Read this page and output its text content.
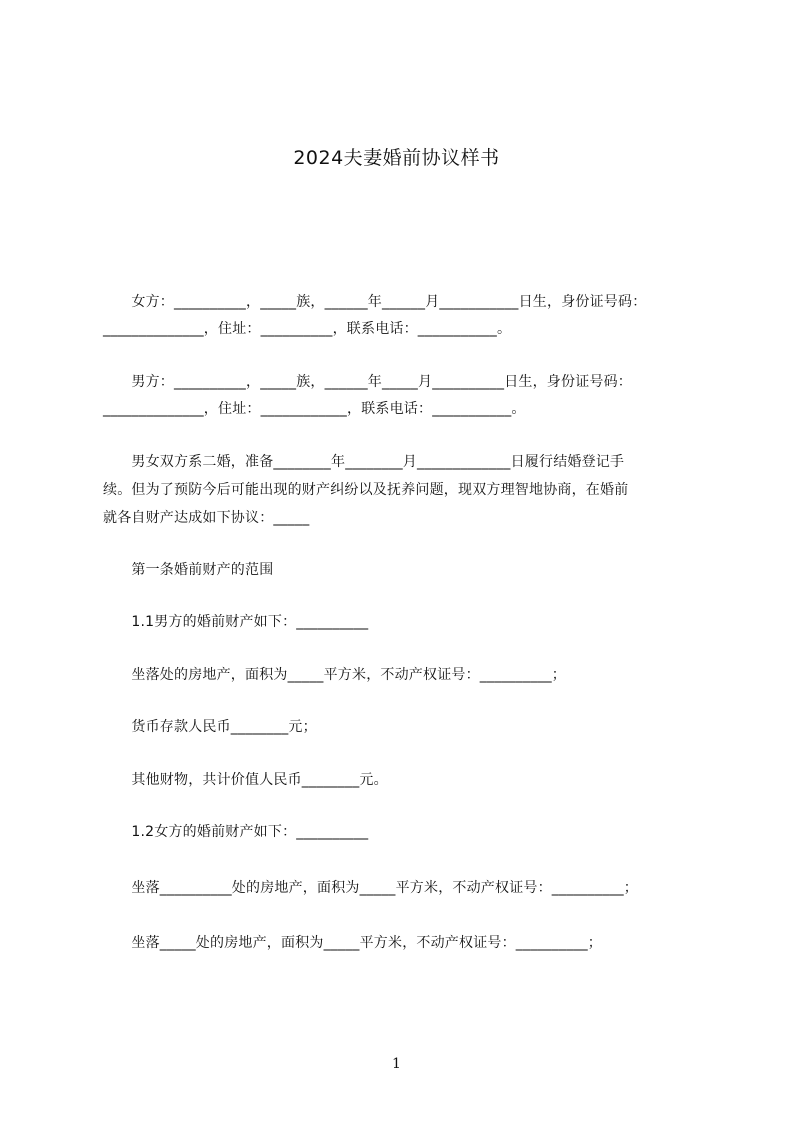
2024夫妻婚前协议样书
　　女方：__________，_____族，______年______月___________日生，身份证号码：
______________，住址：__________，联系电话：___________。
　　男方：__________，_____族，______年_____月__________日生，身份证号码：
______________，住址：____________，联系电话：___________。
　　男女双方系二婚，准备________年________月_____________日履行结婚登记手
续。但为了预防今后可能出现的财产纠纷以及抚养问题，现双方理智地协商，在婚前
就各自财产达成如下协议：_____
　　第一条婚前财产的范围
　　1.1男方的婚前财产如下：__________
　　坐落处的房地产，面积为_____平方米，不动产权证号：__________；
　　货币存款人民币________元；
　　其他财物，共计价值人民币________元。
　　1.2女方的婚前财产如下：__________
　　坐落__________处的房地产，面积为_____平方米，不动产权证号：__________；
　　坐落_____处的房地产，面积为_____平方米，不动产权证号：__________；
1
